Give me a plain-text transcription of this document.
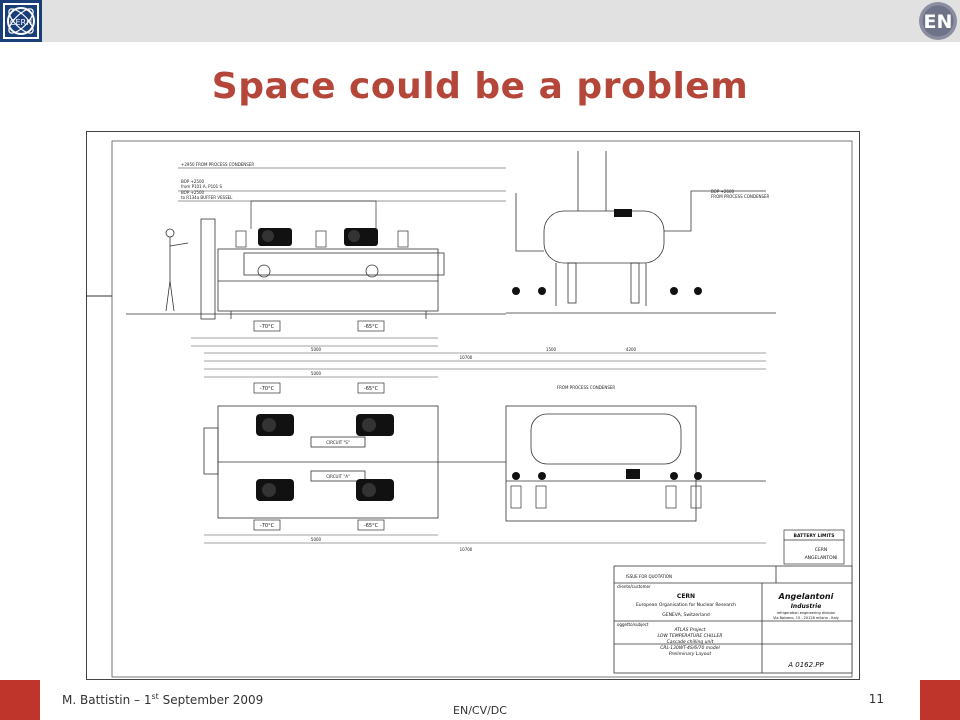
CERN	EN
Space could be a problem
+2950 FROM PROCESS CONDENSER
BOP +2500
from P101 A, P101 S
BOP +2500
to R134a BUFFER VESSEL
-70°C	-65°C
5000
10700
4200
1500
BOP +2600
FROM PROCESS CONDENSER
5000
-70°C	-65°C
CIRCUIT "S"
CIRCUIT "A"
FROM PROCESS CONDENSER
-70°C	-65°C
5000
10700
BATTERY LIMITS
CERN
ANGELANTONI
ISSUE FOR QUOTATION
cliente/customer
oggetto/subject
CERN
European Organisation for Nuclear Research
GENEVA, Switzerland
ATLAS Project
LOW TEMPERATURE CHILLER
Cascade chilling unit
CRL-130WT-4S/6/70 model
Preliminary Layout
Angelantoni
Industrie
refrigeration engineering division
Via Bolzano, 15 - 20126 milano - Italy
A 0162.PP
M. Battistin – 1st September 2009
EN/CV/DC
11
